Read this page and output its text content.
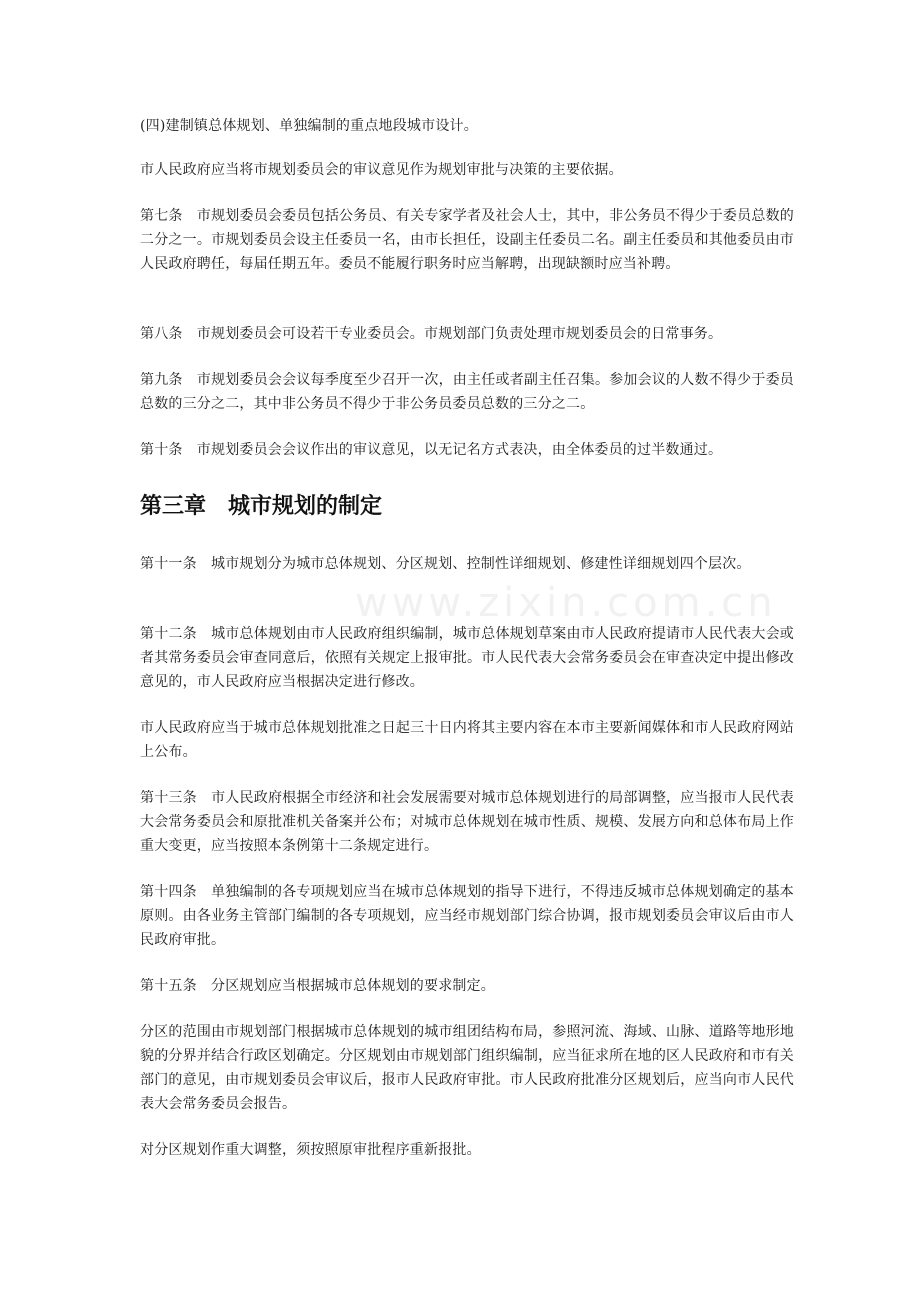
www.zixin.com.cn

(四)建制镇总体规划、单独编制的重点地段城市设计。

市人民政府应当将市规划委员会的审议意见作为规划审批与决策的主要依据。

第七条　市规划委员会委员包括公务员、有关专家学者及社会人士，其中，非公务员不得少于委员总数的二分之一。市规划委员会设主任委员一名，由市长担任，设副主任委员二名。副主任委员和其他委员由市人民政府聘任，每届任期五年。委员不能履行职务时应当解聘，出现缺额时应当补聘。

第八条　市规划委员会可设若干专业委员会。市规划部门负责处理市规划委员会的日常事务。

第九条　市规划委员会会议每季度至少召开一次，由主任或者副主任召集。参加会议的人数不得少于委员总数的三分之二，其中非公务员不得少于非公务员委员总数的三分之二。

第十条　市规划委员会会议作出的审议意见，以无记名方式表决，由全体委员的过半数通过。

第三章　城市规划的制定

第十一条　城市规划分为城市总体规划、分区规划、控制性详细规划、修建性详细规划四个层次。

第十二条　城市总体规划由市人民政府组织编制，城市总体规划草案由市人民政府提请市人民代表大会或者其常务委员会审查同意后，依照有关规定上报审批。市人民代表大会常务委员会在审查决定中提出修改意见的，市人民政府应当根据决定进行修改。

市人民政府应当于城市总体规划批准之日起三十日内将其主要内容在本市主要新闻媒体和市人民政府网站上公布。

第十三条　市人民政府根据全市经济和社会发展需要对城市总体规划进行的局部调整，应当报市人民代表大会常务委员会和原批准机关备案并公布；对城市总体规划在城市性质、规模、发展方向和总体布局上作重大变更，应当按照本条例第十二条规定进行。

第十四条　单独编制的各专项规划应当在城市总体规划的指导下进行，不得违反城市总体规划确定的基本原则。由各业务主管部门编制的各专项规划，应当经市规划部门综合协调，报市规划委员会审议后由市人民政府审批。

第十五条　分区规划应当根据城市总体规划的要求制定。

分区的范围由市规划部门根据城市总体规划的城市组团结构布局，参照河流、海域、山脉、道路等地形地貌的分界并结合行政区划确定。分区规划由市规划部门组织编制，应当征求所在地的区人民政府和市有关部门的意见，由市规划委员会审议后，报市人民政府审批。市人民政府批准分区规划后，应当向市人民代表大会常务委员会报告。

对分区规划作重大调整，须按照原审批程序重新报批。
